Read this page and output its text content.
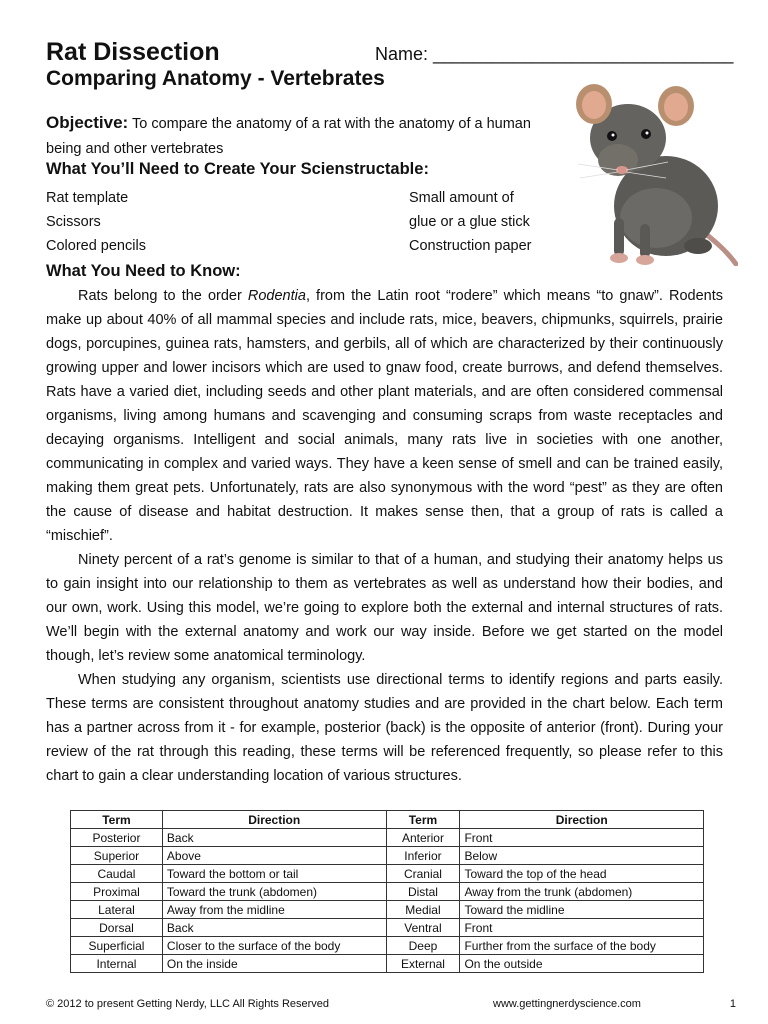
Rat Dissection	Name: ______________________________
Comparing Anatomy - Vertebrates
Objective: To compare the anatomy of a rat with the anatomy of a human being and other vertebrates
What You’ll Need to Create Your Scienstructable:
Rat template
Scissors
Colored pencils
Small amount of
glue or a glue stick
Construction paper
What You Need to Know:

Rats belong to the order Rodentia, from the Latin root “rodere” which means “to gnaw”. Rodents make up about 40% of all mammal species and include rats, mice, beavers, chipmunks, squirrels, prairie dogs, porcupines, guinea rats, hamsters, and gerbils, all of which are characterized by their continuously growing upper and lower incisors which are used to gnaw food, create burrows, and defend themselves. Rats have a varied diet, including seeds and other plant materials, and are often considered commensal organisms, living among humans and scavenging and consuming scraps from waste receptacles and decaying organisms. Intelligent and social animals, many rats live in societies with one another, communicating in complex and varied ways. They have a keen sense of smell and can be trained easily, making them great pets. Unfortunately, rats are also synonymous with the word “pest” as they are often the cause of disease and habitat destruction. It makes sense then, that a group of rats is called a “mischief”.

Ninety percent of a rat’s genome is similar to that of a human, and studying their anatomy helps us to gain insight into our relationship to them as vertebrates as well as understand how their bodies, and our own, work. Using this model, we’re going to explore both the external and internal structures of rats. We’ll begin with the external anatomy and work our way inside. Before we get started on the model though, let’s review some anatomical terminology.

When studying any organism, scientists use directional terms to identify regions and parts easily. These terms are consistent throughout anatomy studies and are provided in the chart below. Each term has a partner across from it - for example, posterior (back) is the opposite of anterior (front). During your review of the rat through this reading, these terms will be referenced frequently, so please refer to this chart to gain a clear understanding location of various structures.

Term	Direction	Term	Direction
Posterior	Back	Anterior	Front
Superior	Above	Inferior	Below
Caudal	Toward the bottom or tail	Cranial	Toward the top of the head
Proximal	Toward the trunk (abdomen)	Distal	Away from the trunk (abdomen)
Lateral	Away from the midline	Medial	Toward the midline
Dorsal	Back	Ventral	Front
Superficial	Closer to the surface of the body	Deep	Further from the surface of the body
Internal	On the inside	External	On the outside
© 2012 to present Getting Nerdy, LLC All Rights Reserved	www.gettingnerdyscience.com	1
